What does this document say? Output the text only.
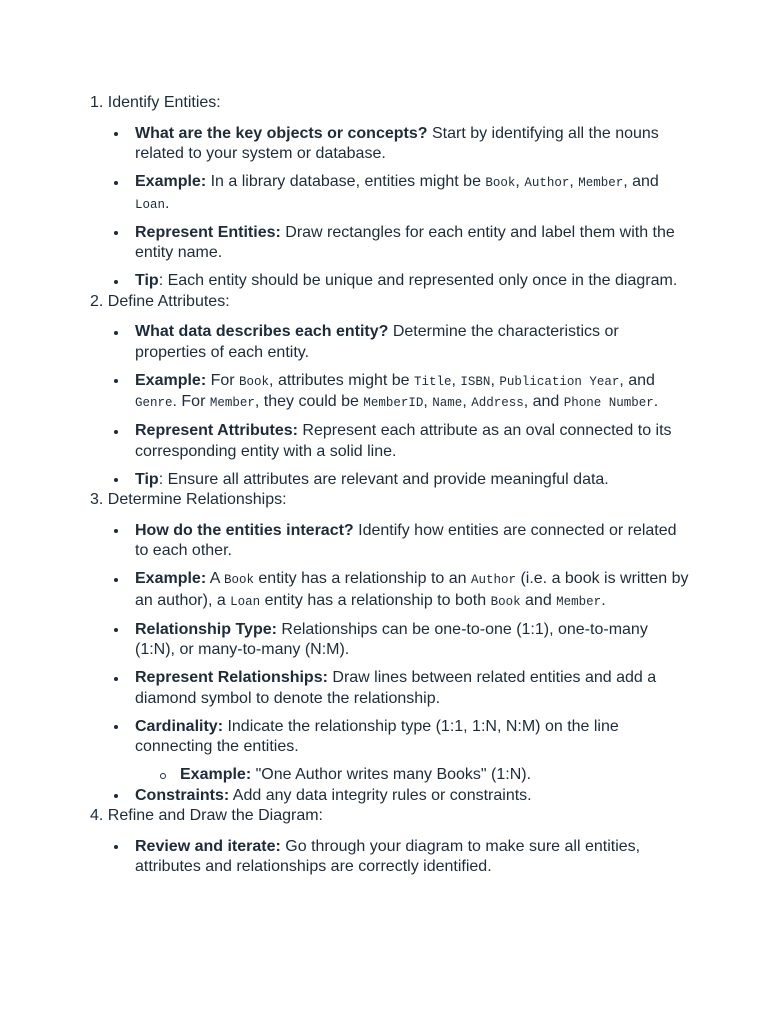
1. Identify Entities:

What are the key objects or concepts? Start by identifying all the nouns related to your system or database.
Example: In a library database, entities might be Book, Author, Member, and Loan.
Represent Entities: Draw rectangles for each entity and label them with the entity name.
Tip: Each entity should be unique and represented only once in the diagram.

2. Define Attributes:

What data describes each entity? Determine the characteristics or properties of each entity.
Example: For Book, attributes might be Title, ISBN, Publication Year, and Genre. For Member, they could be MemberID, Name, Address, and Phone Number.
Represent Attributes: Represent each attribute as an oval connected to its corresponding entity with a solid line.
Tip: Ensure all attributes are relevant and provide meaningful data.

3. Determine Relationships:

How do the entities interact? Identify how entities are connected or related to each other.
Example: A Book entity has a relationship to an Author (i.e. a book is written by an author), a Loan entity has a relationship to both Book and Member.
Relationship Type: Relationships can be one-to-one (1:1), one-to-many (1:N), or many-to-many (N:M).
Represent Relationships: Draw lines between related entities and add a diamond symbol to denote the relationship.
Cardinality: Indicate the relationship type (1:1, 1:N, N:M) on the line connecting the entities.
Example: "One Author writes many Books" (1:N).
Constraints: Add any data integrity rules or constraints.

4. Refine and Draw the Diagram:

Review and iterate: Go through your diagram to make sure all entities, attributes and relationships are correctly identified.
